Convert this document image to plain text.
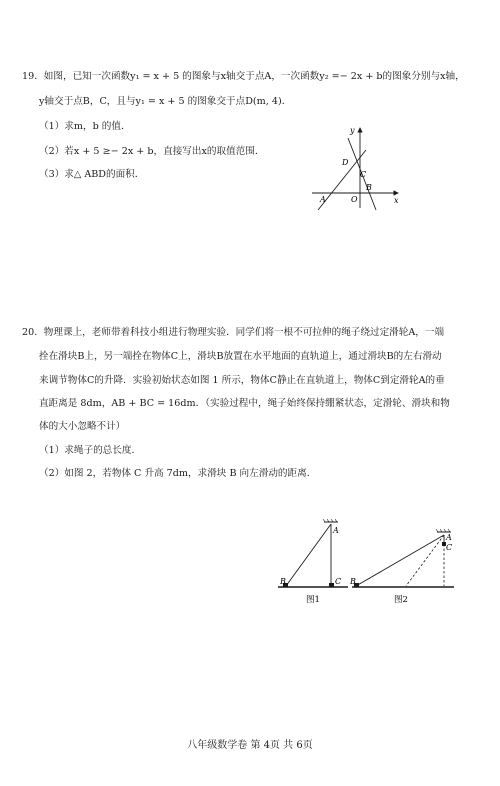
19．如图，已知一次函数y₁ = x + 5 的图象与x轴交于点A，一次函数y₂ =− 2x + b的图象分别与x轴，
y轴交于点B，C，且与y₁ = x + 5 的图象交于点D(m, 4)．
（1）求m，b 的值．
（2）若x + 5 ≥− 2x + b，直接写出x的取值范围．
（3）求△ ABD的面积．
y
x
D
C
B
A	O
20．物理课上，老师带着科技小组进行物理实验．同学们将一根不可拉伸的绳子绕过定滑轮A，一端
拴在滑块B上，另一端拴在物体C上，滑块B放置在水平地面的直轨道上，通过滑块B的左右滑动
来调节物体C的升降．实验初始状态如图 1 所示，物体C静止在直轨道上，物体C到定滑轮A的垂
直距离是 8dm，AB + BC = 16dm．（实验过程中，绳子始终保持绷紧状态，定滑轮、滑块和物
体的大小忽略不计）
（1）求绳子的总长度．
（2）如图 2，若物体 C 升高 7dm，求滑块 B 向左滑动的距离．
A
B	C
图1
A
C
B
图2
八年级数学卷 第 4页 共 6页
